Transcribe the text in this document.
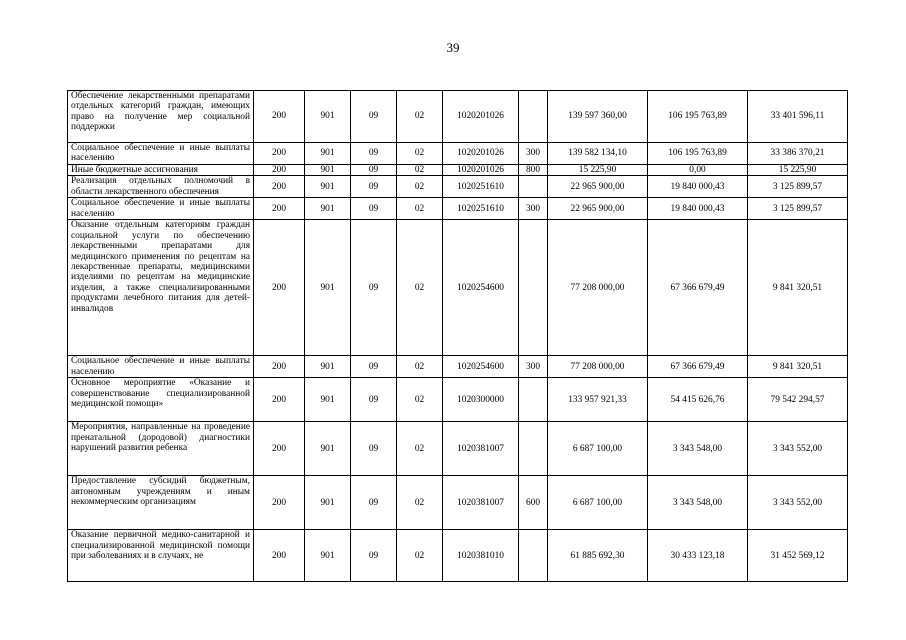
39
Обеспечение лекарственными препаратами отдельных категорий граждан, имеющих право на получение мер социальной поддержки	200	901	09	02	1020201026		139 597 360,00	106 195 763,89	33 401 596,11
Социальное обеспечение и иные выплаты населению	200	901	09	02	1020201026	300	139 582 134,10	106 195 763,89	33 386 370,21
Иные бюджетные ассигнования	200	901	09	02	1020201026	800	15 225,90	0,00	15 225,90
Реализация отдельных полномочий в области лекарственного обеспечения	200	901	09	02	1020251610		22 965 900,00	19 840 000,43	3 125 899,57
Социальное обеспечение и иные выплаты населению	200	901	09	02	1020251610	300	22 965 900,00	19 840 000,43	3 125 899,57
Оказание отдельным категориям граждан социальной услуги по обеспечению лекарственными препаратами для медицинского применения по рецептам на лекарственные препараты, медицинскими изделиями по рецептам на медицинские изделия, а также специализированными продуктами лечебного питания для детей-инвалидов	200	901	09	02	1020254600		77 208 000,00	67 366 679,49	9 841 320,51
Социальное обеспечение и иные выплаты населению	200	901	09	02	1020254600	300	77 208 000,00	67 366 679,49	9 841 320,51
Основное мероприятие «Оказание и совершенствование специализированной медицинской помощи»	200	901	09	02	1020300000		133 957 921,33	54 415 626,76	79 542 294,57
Мероприятия, направленные на проведение пренатальной (дородовой) диагностики нарушений развития ребенка	200	901	09	02	1020381007		6 687 100,00	3 343 548,00	3 343 552,00
Предоставление субсидий бюджетным, автономным учреждениям и иным некоммерческим организациям	200	901	09	02	1020381007	600	6 687 100,00	3 343 548,00	3 343 552,00
Оказание первичной медико-санитарной и специализированной медицинской помощи при заболеваниях и в случаях, не	200	901	09	02	1020381010		61 885 692,30	30 433 123,18	31 452 569,12
